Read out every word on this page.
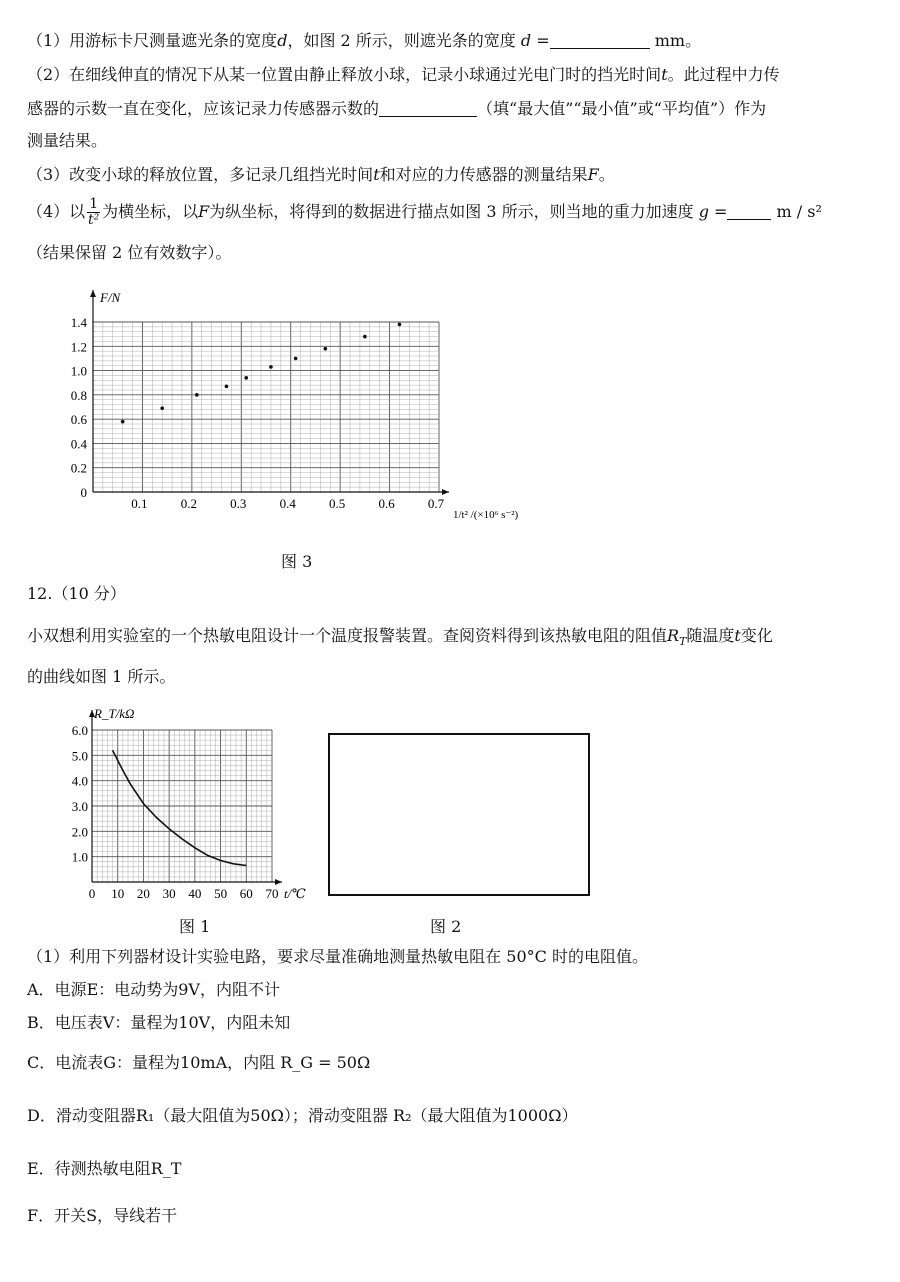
（1）用游标卡尺测量遮光条的宽度d，如图 2 所示，则遮光条的宽度 d =	mm。
（2）在细线伸直的情况下从某一位置由静止释放小球，记录小球通过光电门时的挡光时间t。此过程中力传
感器的示数一直在变化，应该记录力传感器示数的	（填“最大值”“最小值”或“平均值”）作为
测量结果。
（3）改变小球的释放位置，多记录几组挡光时间t和对应的力传感器的测量结果F。
（4）以 $\frac{1}{\text{t²}}$ 为横坐标，以F为纵坐标，将得到的数据进行描点如图 3 所示，则当地的重力加速度 g =	m / s²
（结果保留 2 位有效数字）。
0
0.2
0.4
0.6
0.8
1.0
1.2
1.4
0.1	0.2	0.3	0.4	0.5	0.6	0.7
F/N
1/t² /(×10⁶ s⁻²)
图 3
12.（10 分）
小双想利用实验室的一个热敏电阻设计一个温度报警装置。查阅资料得到该热敏电阻的阻值$R_T$随温度t变化
的曲线如图 1 所示。
1.0
2.0
3.0
4.0
5.0
6.0
0 10 20 30 40 50 60 70
R_T/kΩ
t/℃
图 1	图 2
（1）利用下列器材设计实验电路，要求尽量准确地测量热敏电阻在 50°C 时的电阻值。
A．电源E：电动势为9V，内阻不计
B．电压表V：量程为10V，内阻未知
C．电流表G：量程为10mA，内阻 R_G = 50Ω
D．滑动变阻器R₁（最大阻值为50Ω）；滑动变阻器 R₂（最大阻值为1000Ω）
E．待测热敏电阻R_T
F．开关S，导线若干
